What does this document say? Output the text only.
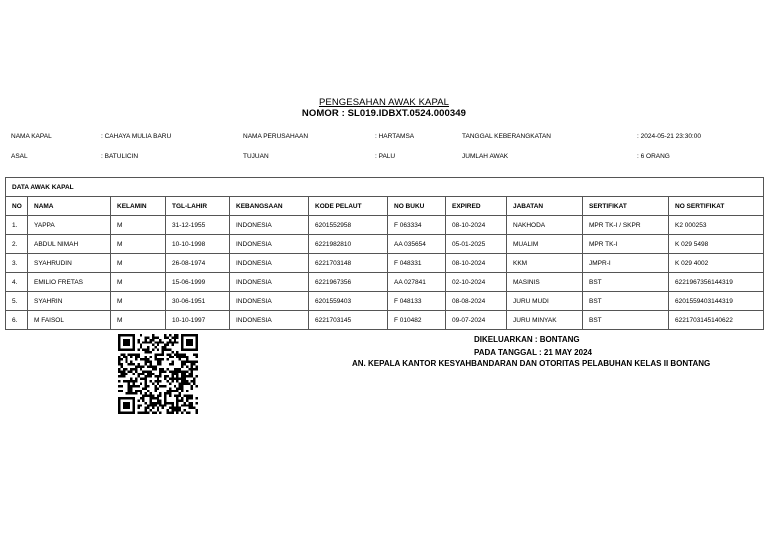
PENGESAHAN AWAK KAPAL
NOMOR : SL019.IDBXT.0524.000349
NAMA KAPAL	: CAHAYA MULIA BARU	NAMA PERUSAHAAN	: HARTAMSA	TANGGAL KEBERANGKATAN	: 2024-05-21 23:30:00
ASAL	: BATULICIN	TUJUAN	: PALU	JUMLAH AWAK	: 6 ORANG
DATA AWAK KAPAL										
NO	NAMA	KELAMIN	TGL-LAHIR	KEBANGSAAN	KODE PELAUT	NO BUKU	EXPIRED	JABATAN	SERTIFIKAT	NO SERTIFIKAT
1.	YAPPA	M	31-12-1955	INDONESIA	6201552958	F 063334	08-10-2024	NAKHODA	MPR TK-I / SKPR	K2 000253
2.	ABDUL NIMAH	M	10-10-1998	INDONESIA	6221982810	AA 035654	05-01-2025	MUALIM	MPR TK-I	K 029 5498
3.	SYAHRUDIN	M	26-08-1974	INDONESIA	6221703148	F 048331	08-10-2024	KKM	JMPR-I	K 029 4002
4.	EMILIO FRETAS	M	15-06-1999	INDONESIA	6221967356	AA 027841	02-10-2024	MASINIS	BST	6221967356144319
5.	SYAHRIN	M	30-06-1951	INDONESIA	6201559403	F 048133	08-08-2024	JURU MUDI	BST	6201559403144319
6.	M FAISOL	M	10-10-1997	INDONESIA	6221703145	F 010482	09-07-2024	JURU MINYAK	BST	6221703145140622
DIKELUARKAN : BONTANG
PADA TANGGAL : 21 MAY 2024
AN. KEPALA KANTOR KESYAHBANDARAN DAN OTORITAS PELABUHAN KELAS II BONTANG
